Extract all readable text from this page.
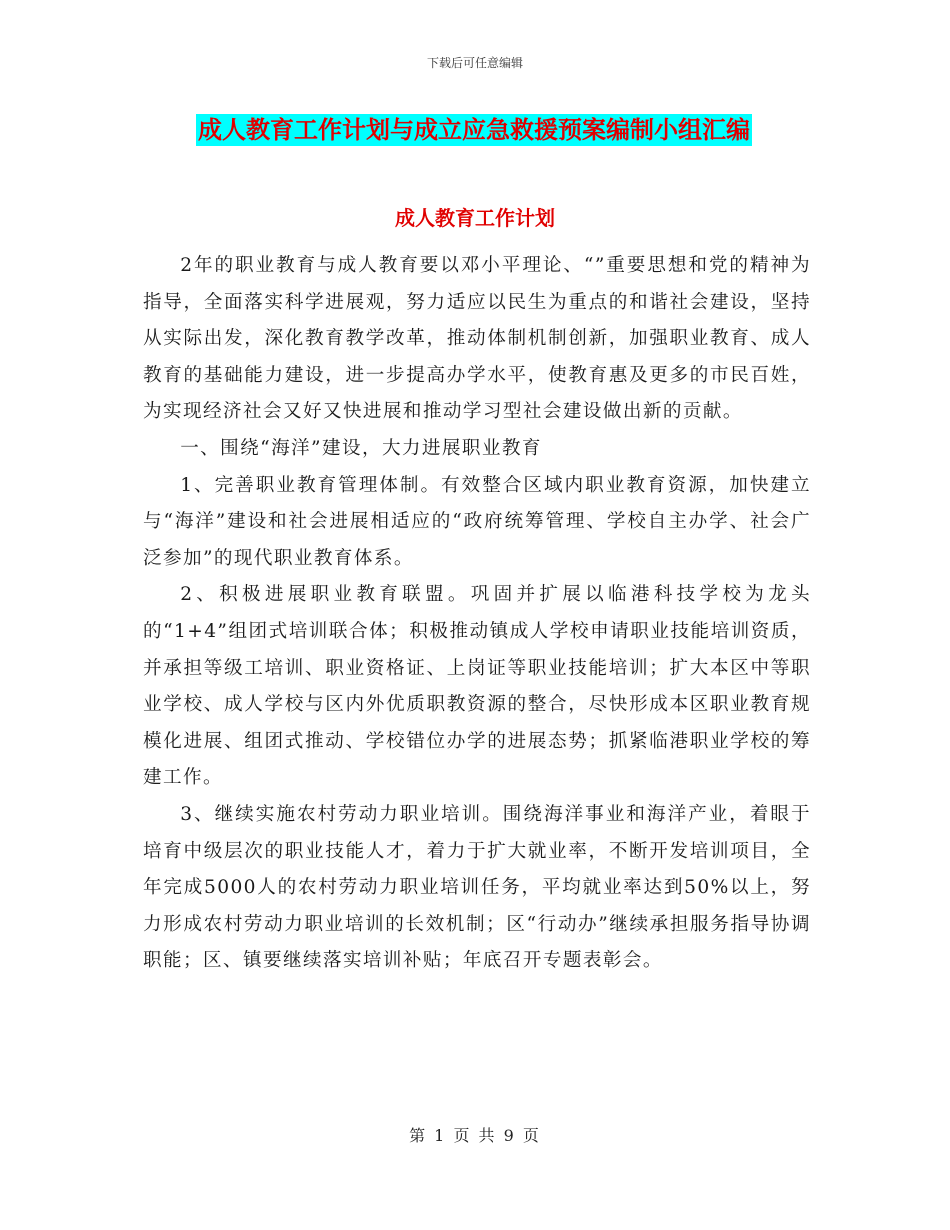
下载后可任意编辑
成人教育工作计划与成立应急救援预案编制小组汇编
成人教育工作计划

2年的职业教育与成人教育要以邓小平理论、“”重要思想和党的精神为指导，全面落实科学进展观，努力适应以民生为重点的和谐社会建设，坚持从实际出发，深化教育教学改革，推动体制机制创新，加强职业教育、成人教育的基础能力建设，进一步提高办学水平，使教育惠及更多的市民百姓，为实现经济社会又好又快进展和推动学习型社会建设做出新的贡献。

一、围绕“海洋”建设，大力进展职业教育

1、完善职业教育管理体制。有效整合区域内职业教育资源，加快建立与“海洋”建设和社会进展相适应的“政府统筹管理、学校自主办学、社会广泛参加”的现代职业教育体系。

2、积极进展职业教育联盟。巩固并扩展以临港科技学校为龙头的“1+4”组团式培训联合体；积极推动镇成人学校申请职业技能培训资质，并承担等级工培训、职业资格证、上岗证等职业技能培训；扩大本区中等职业学校、成人学校与区内外优质职教资源的整合，尽快形成本区职业教育规模化进展、组团式推动、学校错位办学的进展态势；抓紧临港职业学校的筹建工作。

3、继续实施农村劳动力职业培训。围绕海洋事业和海洋产业，着眼于培育中级层次的职业技能人才，着力于扩大就业率，不断开发培训项目，全年完成5000人的农村劳动力职业培训任务，平均就业率达到50%以上，努力形成农村劳动力职业培训的长效机制；区“行动办”继续承担服务指导协调职能；区、镇要继续落实培训补贴；年底召开专题表彰会。

第 1 页 共 9 页
